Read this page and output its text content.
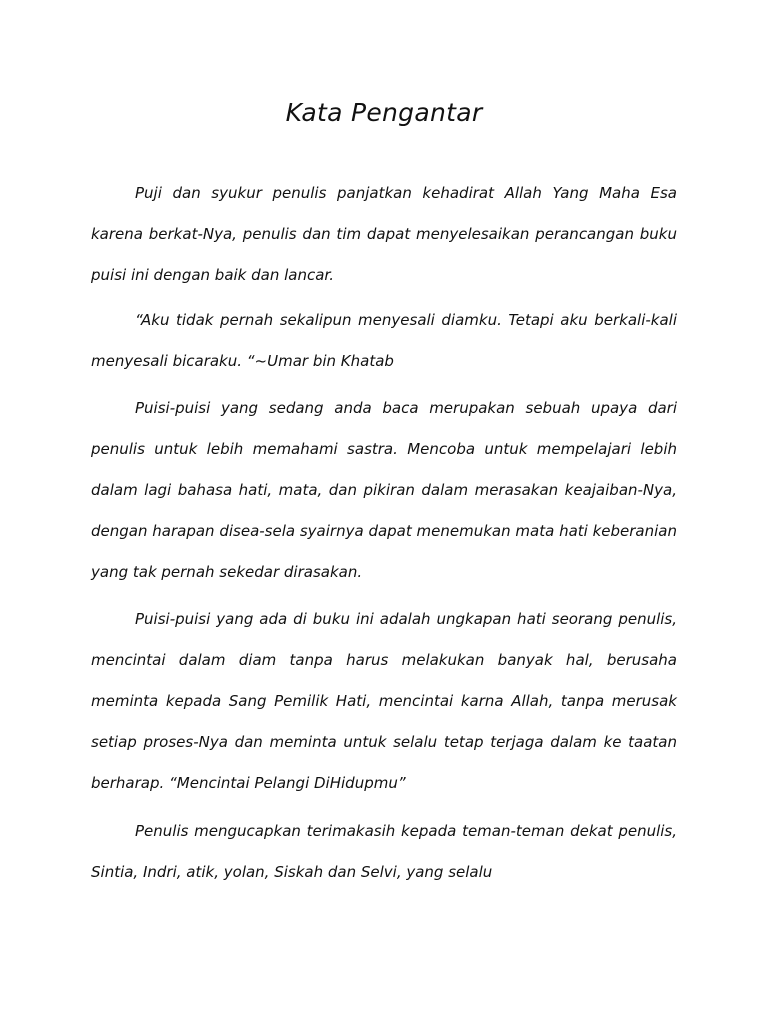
Kata Pengantar

Puji dan syukur penulis panjatkan kehadirat Allah Yang Maha Esa karena berkat-Nya, penulis dan tim dapat menyelesaikan perancangan buku puisi ini dengan baik dan lancar.

“Aku tidak pernah sekalipun menyesali diamku. Tetapi aku berkali-kali menyesali bicaraku. “~Umar bin Khatab

Puisi-puisi yang sedang anda baca merupakan sebuah upaya dari penulis untuk lebih memahami sastra. Mencoba untuk mempelajari lebih dalam lagi bahasa hati, mata, dan pikiran dalam merasakan keajaiban-Nya, dengan harapan disea-sela syairnya dapat menemukan mata hati keberanian yang tak pernah sekedar dirasakan.

Puisi-puisi yang ada di buku ini adalah ungkapan hati seorang penulis, mencintai dalam diam tanpa harus melakukan banyak hal, berusaha meminta kepada Sang Pemilik Hati, mencintai karna Allah, tanpa merusak setiap proses-Nya dan meminta untuk selalu tetap terjaga dalam ke taatan berharap. “Mencintai Pelangi DiHidupmu”

Penulis mengucapkan terimakasih kepada teman-teman dekat penulis, Sintia, Indri, atik, yolan, Siskah dan Selvi, yang selalu
